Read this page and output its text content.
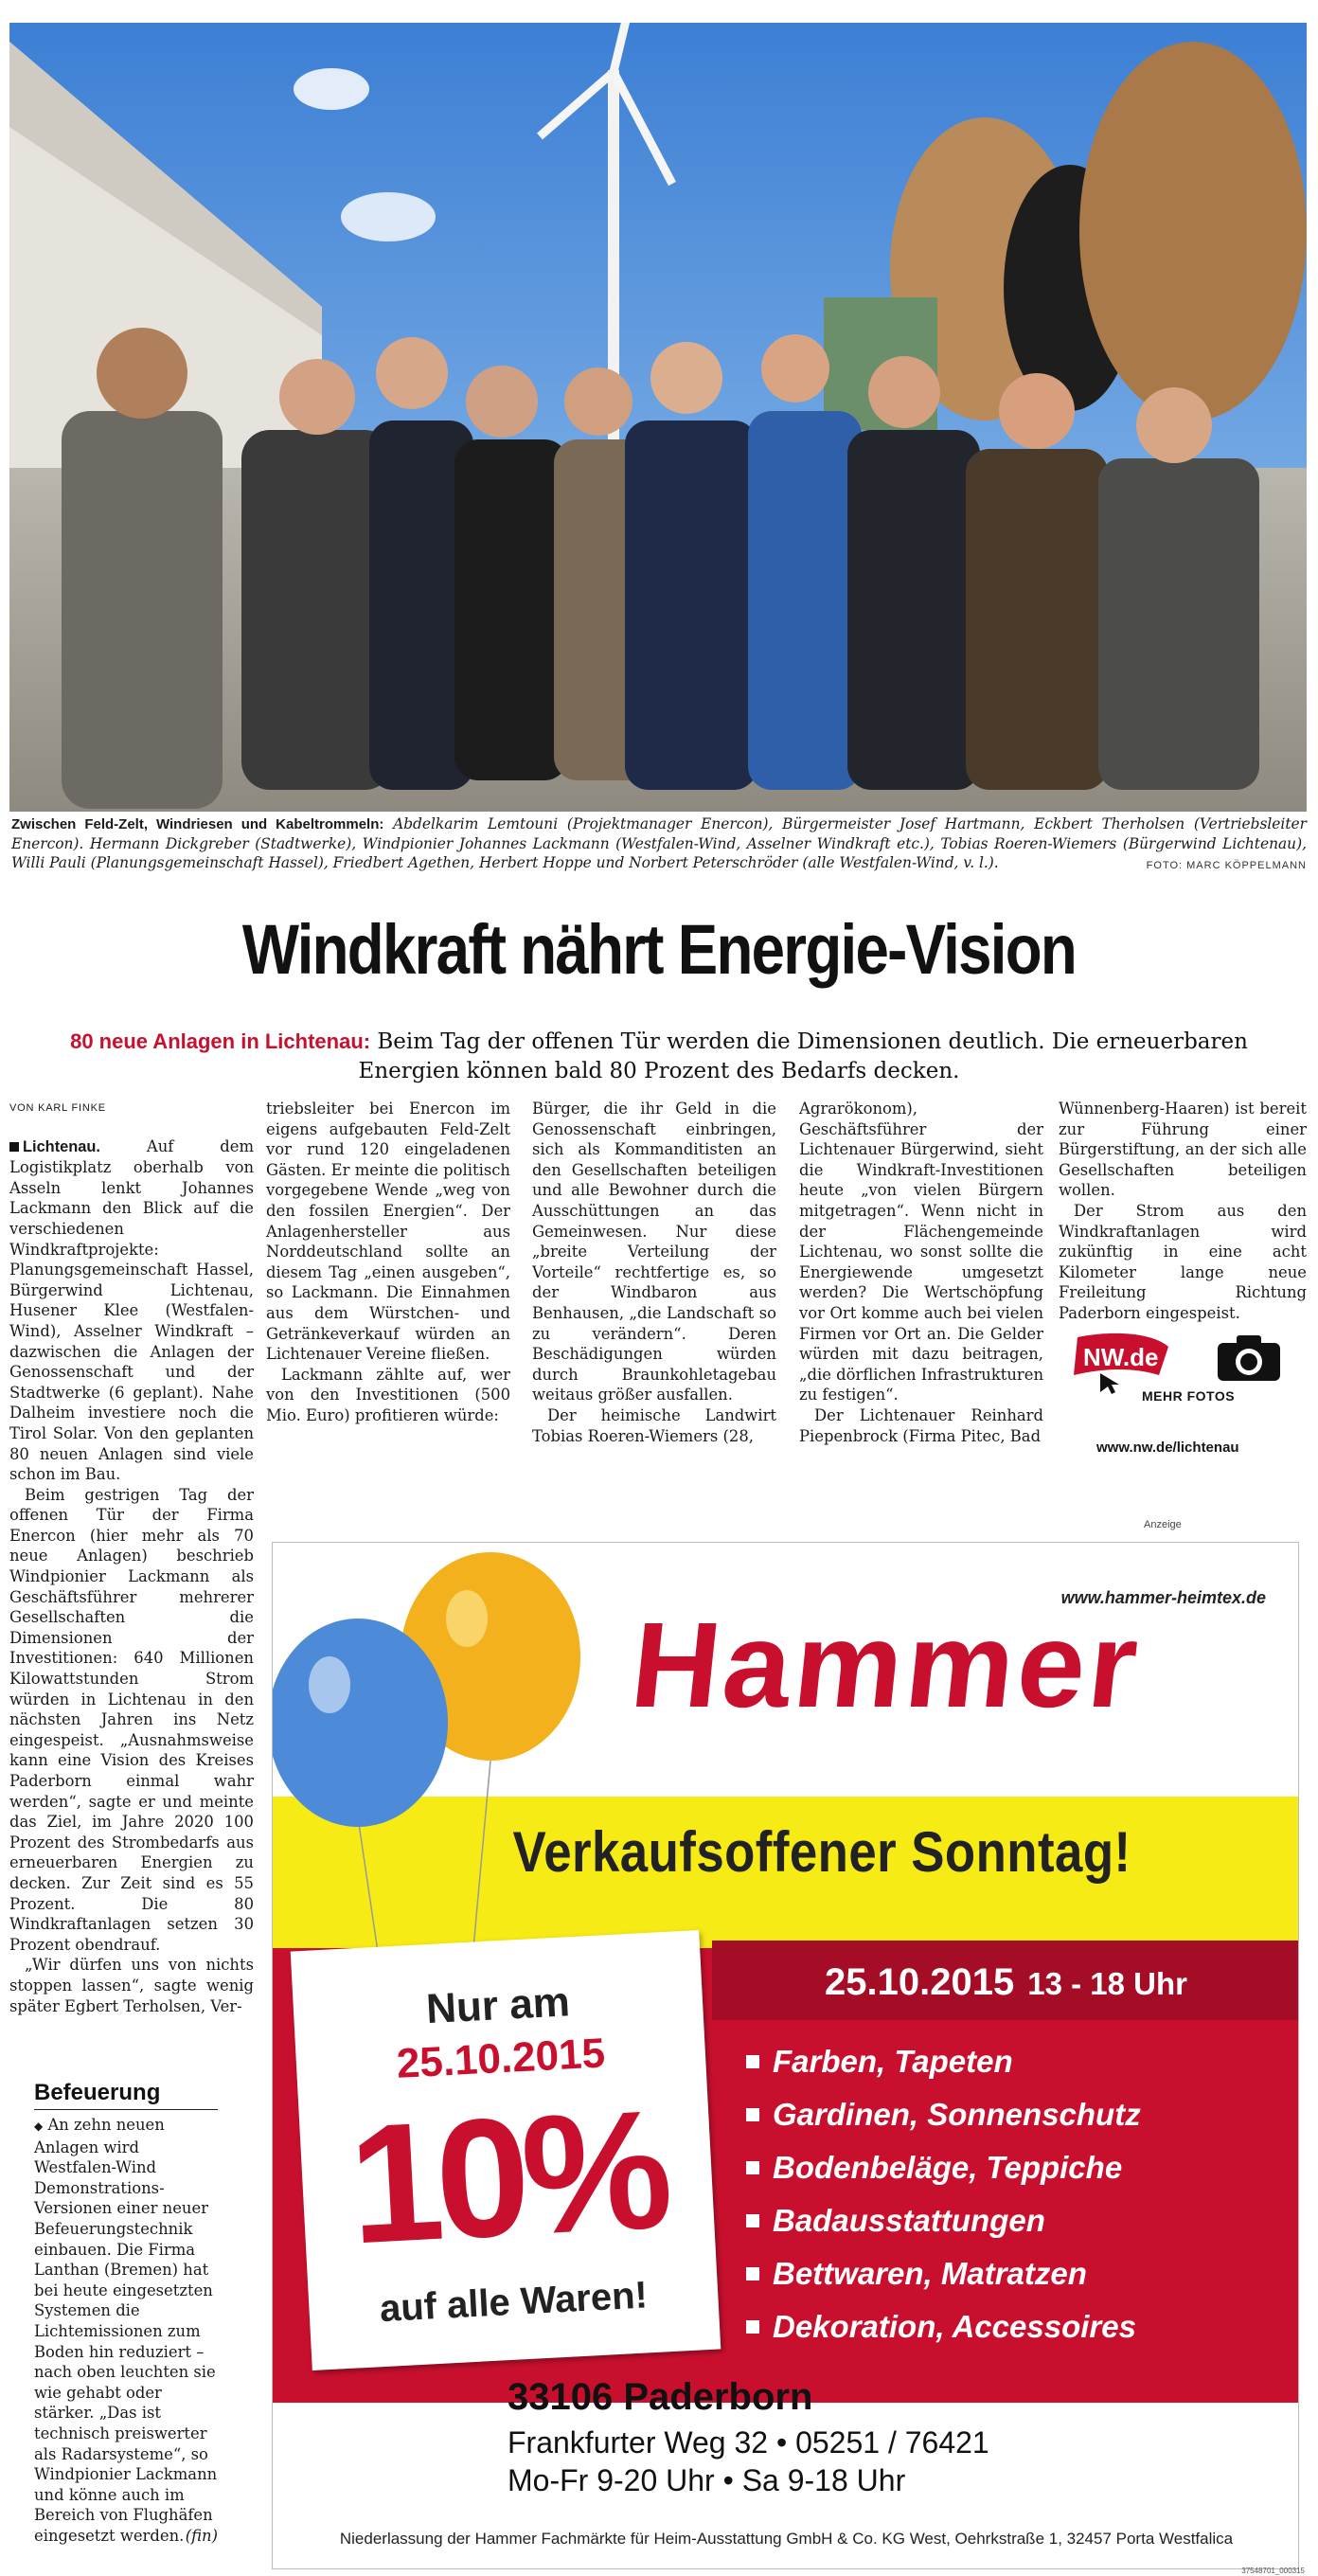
Zwischen Feld-Zelt, Windriesen und Kabeltrommeln: Abdelkarim Lemtouni (Projektmanager Enercon), Bürgermeister Josef Hartmann, Eckbert Therholsen (Vertriebsleiter Enercon). Hermann Dickgreber (Stadtwerke), Windpionier Johannes Lackmann (Westfalen-Wind, Asselner Windkraft etc.), Tobias Roeren-Wiemers (Bürgerwind Lichtenau), Willi Pauli (Planungsgemeinschaft Hassel), Friedbert Agethen, Herbert Hoppe und Norbert Peterschröder (alle Westfalen-Wind, v. l.).	FOTO: MARC KÖPPELMANN
Windkraft nährt Energie-Vision
80 neue Anlagen in Lichtenau: Beim Tag der offenen Tür werden die Dimensionen deutlich. Die erneuerbaren Energien können bald 80 Prozent des Bedarfs decken.

VON KARL FINKE

Lichtenau. Auf dem Logistikplatz oberhalb von Asseln lenkt Johannes Lackmann den Blick auf die verschiedenen Windkraftprojekte: Planungsgemeinschaft Hassel, Bürgerwind Lichtenau, Husener Klee (Westfalen-Wind), Asselner Windkraft – dazwischen die Anlagen der Genossenschaft und der Stadtwerke (6 geplant). Nahe Dalheim investiere noch die Tirol Solar. Von den geplanten 80 neuen Anlagen sind viele schon im Bau.

Beim gestrigen Tag der offenen Tür der Firma Enercon (hier mehr als 70 neue Anlagen) beschrieb Windpionier Lackmann als Geschäftsführer mehrerer Gesellschaften die Dimensionen der Investitionen: 640 Millionen Kilowattstunden Strom würden in Lichtenau in den nächsten Jahren ins Netz eingespeist. „Ausnahmsweise kann eine Vision des Kreises Paderborn einmal wahr werden“, sagte er und meinte das Ziel, im Jahre 2020 100 Prozent des Strombedarfs aus erneuerbaren Energien zu decken. Zur Zeit sind es 55 Prozent. Die 80 Windkraftanlagen setzen 30 Prozent obendrauf.

„Wir dürfen uns von nichts stoppen lassen“, sagte wenig später Egbert Terholsen, Ver-

triebsleiter bei Enercon im eigens aufgebauten Feld-Zelt vor rund 120 eingeladenen Gästen. Er meinte die politisch vorgegebene Wende „weg von den fossilen Energien“. Der Anlagenhersteller aus Norddeutschland sollte an diesem Tag „einen ausgeben“, so Lackmann. Die Einnahmen aus dem Würstchen- und Getränkeverkauf würden an Lichtenauer Vereine fließen.

Lackmann zählte auf, wer von den Investitionen (500 Mio. Euro) profitieren würde:

Bürger, die ihr Geld in die Genossenschaft einbringen, sich als Kommanditisten an den Gesellschaften beteiligen und alle Bewohner durch die Ausschüttungen an das Gemeinwesen. Nur diese „breite Verteilung der Vorteile“ rechtfertige es, so der Windbaron aus Benhausen, „die Landschaft so zu verändern“. Deren Beschädigungen würden durch Braunkohletagebau weitaus größer ausfallen.

Der heimische Landwirt Tobias Roeren-Wiemers (28,

Agrarökonom), Geschäftsführer der Lichtenauer Bürgerwind, sieht die Windkraft-Investitionen heute „von vielen Bürgern mitgetragen“. Wenn nicht in der Flächengemeinde Lichtenau, wo sonst sollte die Energiewende umgesetzt werden? Die Wertschöpfung vor Ort komme auch bei vielen Firmen vor Ort an. Die Gelder würden mit dazu beitragen, „die dörflichen Infrastrukturen zu festigen“.

Der Lichtenauer Reinhard Piepenbrock (Firma Pitec, Bad

Wünnenberg-Haaren) ist bereit zur Führung einer Bürgerstiftung, an der sich alle Gesellschaften beteiligen wollen.

Der Strom aus den Windkraftanlagen wird zukünftig in eine acht Kilometer lange neue Freileitung Richtung Paderborn eingespeist.

NW.de
MEHR FOTOS
www.nw.de/lichtenau
Befeuerung
◆ An zehn neuen Anlagen wird Westfalen-Wind Demonstrations-Versionen einer neuer Befeuerungstechnik einbauen. Die Firma Lanthan (Bremen) hat bei heute eingesetzten Systemen die Lichtemissionen zum Boden hin reduziert – nach oben leuchten sie wie gehabt oder stärker. „Das ist technisch preiswerter als Radarsysteme“, so Windpionier Lackmann und könne auch im Bereich von Flughäfen eingesetzt werden. (fin)
Anzeige
www.hammer-heimtex.de
Hammer
Verkaufsoffener Sonntag!
25.10.2015 13 - 18 Uhr
Nur am
25.10.2015
10%
auf alle Waren!
Farben, Tapeten
Gardinen, Sonnenschutz
Bodenbeläge, Teppiche
Badausstattungen
Bettwaren, Matratzen
Dekoration, Accessoires
33106 Paderborn
Frankfurter Weg 32 • 05251 / 76421
Mo-Fr 9-20 Uhr • Sa 9-18 Uhr
Niederlassung der Hammer Fachmärkte für Heim-Ausstattung GmbH & Co. KG West, Oehrkstraße 1, 32457 Porta Westfalica
37548701_000315
